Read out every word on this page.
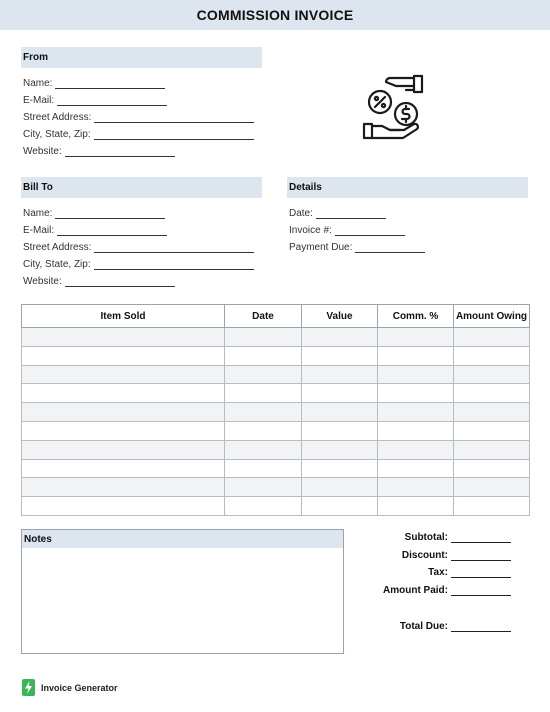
COMMISSION INVOICE
From
Name:
E-Mail:
Street Address:
City, State, Zip:
Website:
Bill To
Name:
E-Mail:
Street Address:
City, State, Zip:
Website:
Details
Date:
Invoice #:
Payment Due:
Item Sold	Date	Value	Comm. %	Amount Owing

Notes	Subtotal:
Discount:
Tax:
Amount Paid:
Total Due:
Invoice Generator
